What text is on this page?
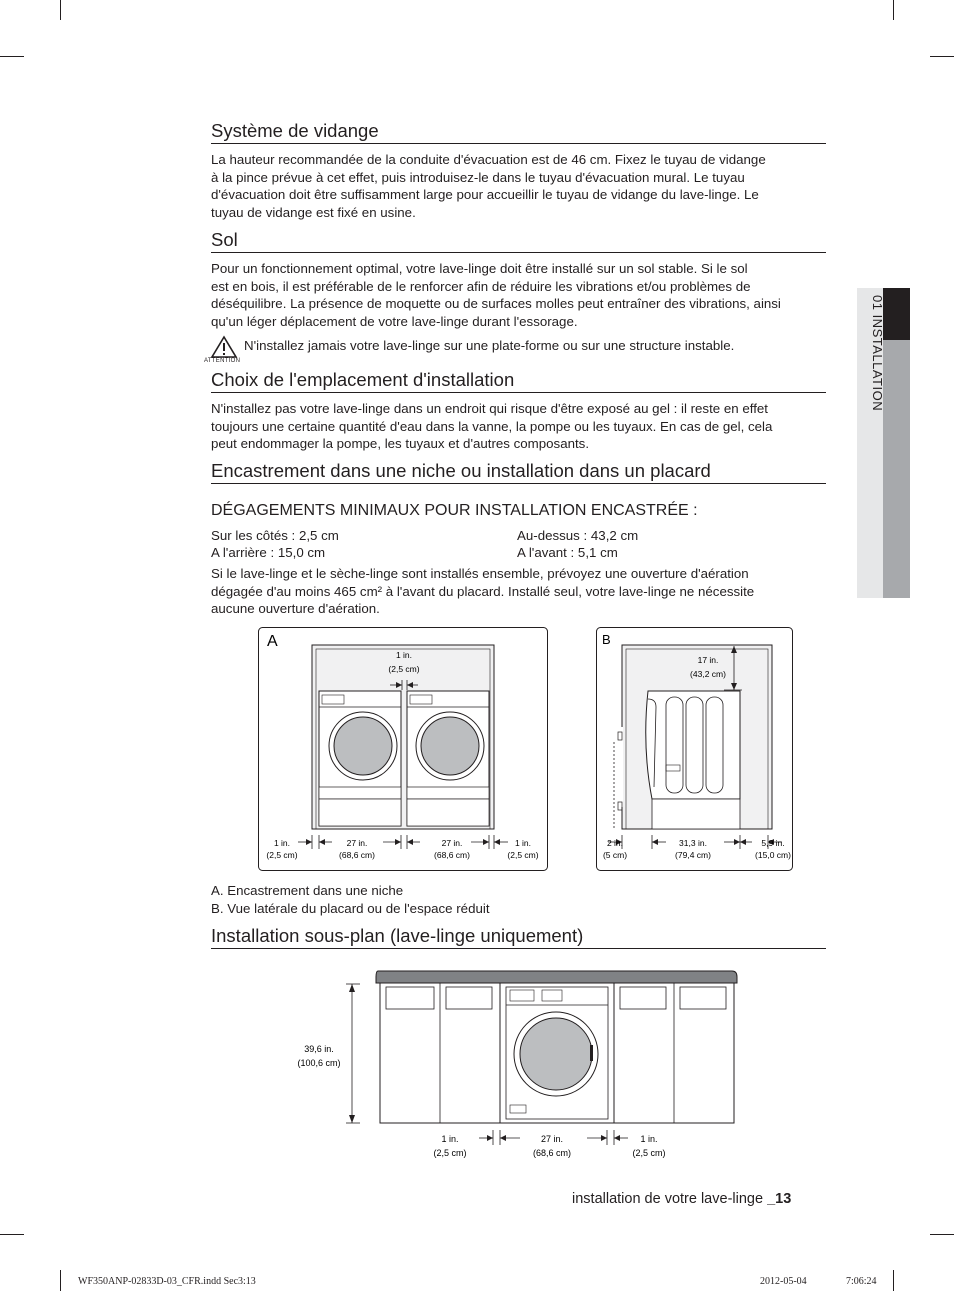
01 INSTALLATION
Système de vidange
La hauteur recommandée de la conduite d'évacuation est de 46 cm. Fixez le tuyau de vidange
à la pince prévue à cet effet, puis introduisez-le dans le tuyau d'évacuation mural. Le tuyau
d'évacuation doit être suffisamment large pour accueillir le tuyau de vidange du lave-linge. Le
tuyau de vidange est fixé en usine.
Sol
Pour un fonctionnement optimal, votre lave-linge doit être installé sur un sol stable. Si le sol
est en bois, il est préférable de le renforcer afin de réduire les vibrations et/ou problèmes de
déséquilibre. La présence de moquette ou de surfaces molles peut entraîner des vibrations, ainsi
qu'un léger déplacement de votre lave-linge durant l'essorage.
ATTENTION
N'installez jamais votre lave-linge sur une plate-forme ou sur une structure instable.
Choix de l'emplacement d'installation
N'installez pas votre lave-linge dans un endroit qui risque d'être exposé au gel : il reste en effet
toujours une certaine quantité d'eau dans la vanne, la pompe ou les tuyaux. En cas de gel, cela
peut endommager la pompe, les tuyaux et d'autres composants.
Encastrement dans une niche ou installation dans un placard
DÉGAGEMENTS MINIMAUX POUR INSTALLATION ENCASTRÉE :
Sur les côtés : 2,5 cm
A l'arrière : 15,0 cm
Au-dessus : 43,2 cm
A l'avant : 5,1 cm
Si le lave-linge et le sèche-linge sont installés ensemble, prévoyez une ouverture d'aération
dégagée d'au moins 465 cm² à l'avant du placard. Installé seul, votre lave-linge ne nécessite
aucune ouverture d'aération.
A
1 in.
(2,5 cm)
1 in.
(2,5 cm)
27 in.
(68,6 cm)
27 in.
(68,6 cm)
1 in.
(2,5 cm)
B
17 in.
(43,2 cm)
2 in.
(5 cm)
31,3 in.
(79,4 cm)
5,9 in.
(15,0 cm)
A. Encastrement dans une niche
B. Vue latérale du placard ou de l'espace réduit
Installation sous-plan (lave-linge uniquement)
39,6 in.
(100,6 cm)
1 in.
(2,5 cm)
27 in.
(68,6 cm)
1 in.
(2,5 cm)
installation de votre lave-linge _13
WF350ANP-02833D-03_CFR.indd Sec3:13	2012-05-04	7:06:24
